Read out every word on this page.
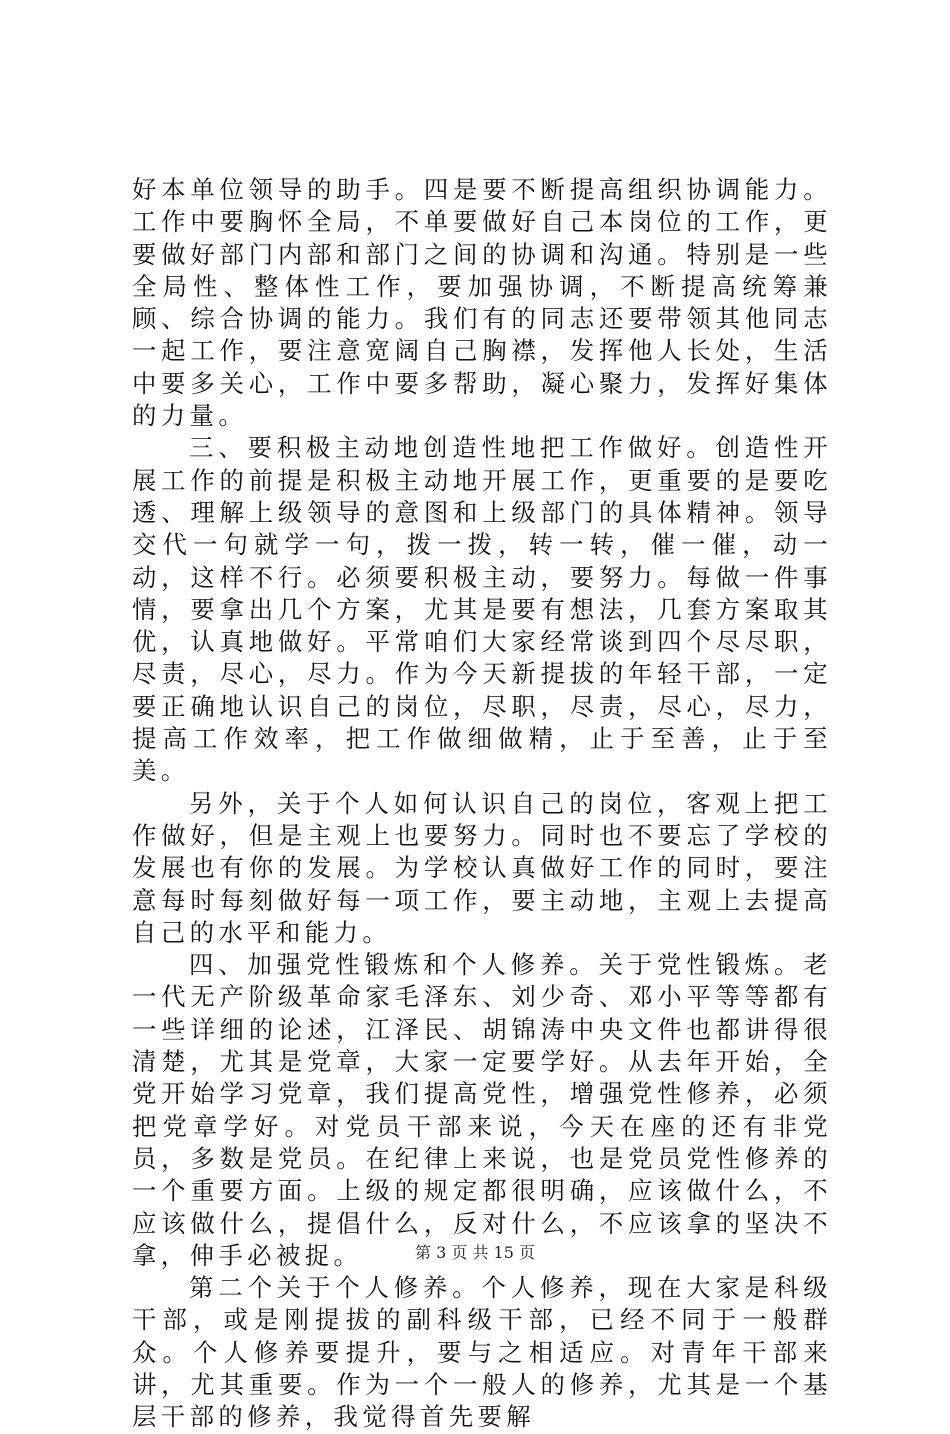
好本单位领导的助手。四是要不断提高组织协调能力。工作中要胸怀全局，不单要做好自己本岗位的工作，更要做好部门内部和部门之间的协调和沟通。特别是一些全局性、整体性工作，要加强协调，不断提高统筹兼顾、综合协调的能力。我们有的同志还要带领其他同志一起工作，要注意宽阔自己胸襟，发挥他人长处，生活中要多关心，工作中要多帮助，凝心聚力，发挥好集体的力量。

三、要积极主动地创造性地把工作做好。创造性开展工作的前提是积极主动地开展工作，更重要的是要吃透、理解上级领导的意图和上级部门的具体精神。领导交代一句就学一句，拨一拨，转一转，催一催，动一动，这样不行。必须要积极主动，要努力。每做一件事情，要拿出几个方案，尤其是要有想法，几套方案取其优，认真地做好。平常咱们大家经常谈到四个尽尽职，尽责，尽心，尽力。作为今天新提拔的年轻干部，一定要正确地认识自己的岗位，尽职，尽责，尽心，尽力，提高工作效率，把工作做细做精，止于至善，止于至美。

另外，关于个人如何认识自己的岗位，客观上把工作做好，但是主观上也要努力。同时也不要忘了学校的发展也有你的发展。为学校认真做好工作的同时，要注意每时每刻做好每一项工作，要主动地，主观上去提高自己的水平和能力。

四、加强党性锻炼和个人修养。关于党性锻炼。老一代无产阶级革命家毛泽东、刘少奇、邓小平等等都有一些详细的论述，江泽民、胡锦涛中央文件也都讲得很清楚，尤其是党章，大家一定要学好。从去年开始，全党开始学习党章，我们提高党性，增强党性修养，必须把党章学好。对党员干部来说，今天在座的还有非党员，多数是党员。在纪律上来说，也是党员党性修养的一个重要方面。上级的规定都很明确，应该做什么，不应该做什么，提倡什么，反对什么，不应该拿的坚决不拿，伸手必被捉。

第二个关于个人修养。个人修养，现在大家是科级干部，或是刚提拔的副科级干部，已经不同于一般群众。个人修养要提升，要与之相适应。对青年干部来讲，尤其重要。作为一个一般人的修养，尤其是一个基层干部的修养，我觉得首先要解

第 3 页 共 15 页
